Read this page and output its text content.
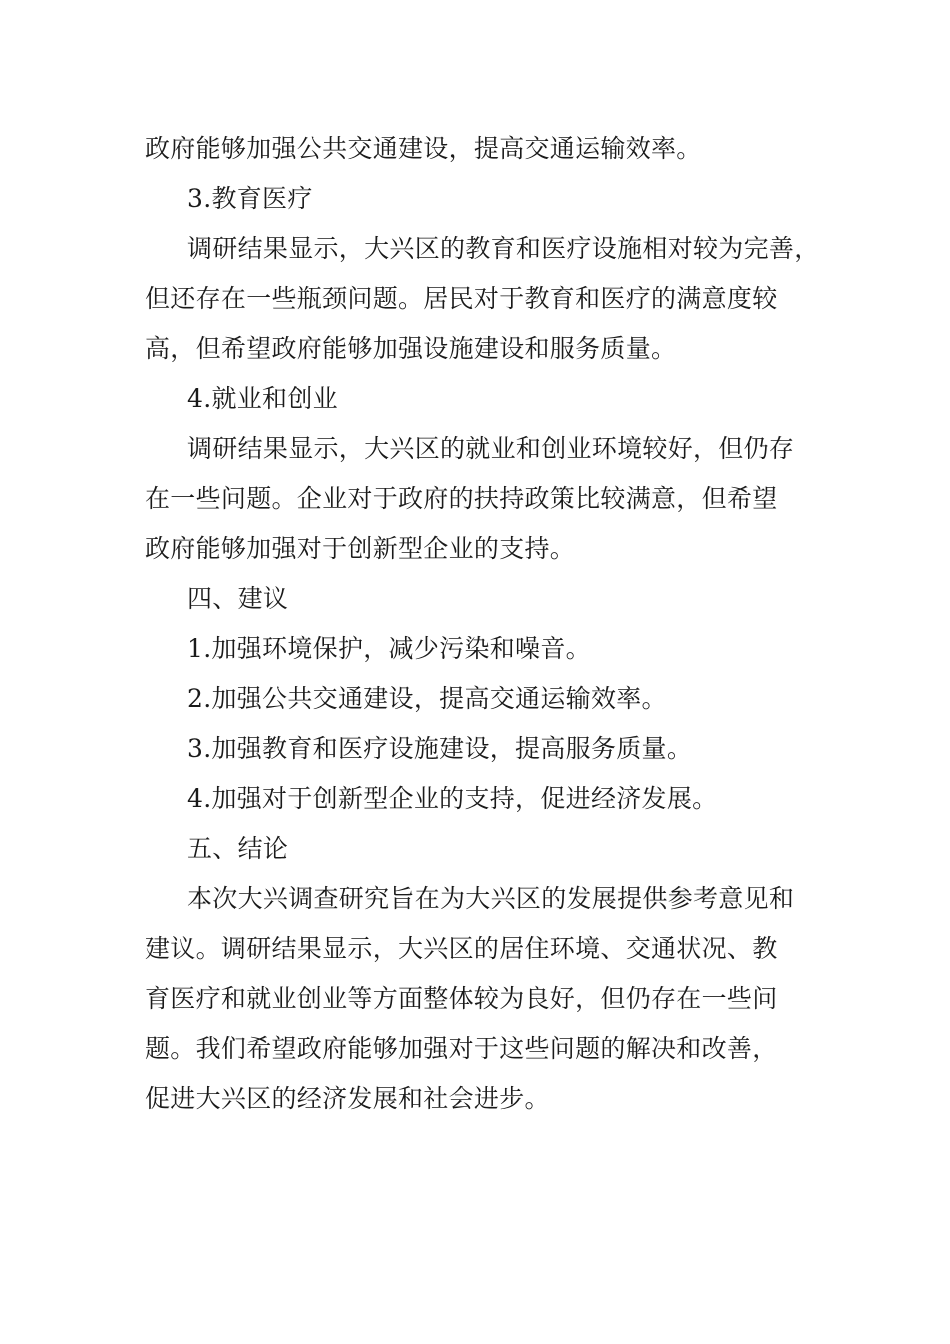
政府能够加强公共交通建设，提高交通运输效率。

3.教育医疗

调研结果显示，大兴区的教育和医疗设施相对较为完善，

但还存在一些瓶颈问题。居民对于教育和医疗的满意度较

高，但希望政府能够加强设施建设和服务质量。

4.就业和创业

调研结果显示，大兴区的就业和创业环境较好，但仍存

在一些问题。企业对于政府的扶持政策比较满意，但希望

政府能够加强对于创新型企业的支持。

四、建议

1.加强环境保护，减少污染和噪音。

2.加强公共交通建设，提高交通运输效率。

3.加强教育和医疗设施建设，提高服务质量。

4.加强对于创新型企业的支持，促进经济发展。

五、结论

本次大兴调查研究旨在为大兴区的发展提供参考意见和

建议。调研结果显示，大兴区的居住环境、交通状况、教

育医疗和就业创业等方面整体较为良好，但仍存在一些问

题。我们希望政府能够加强对于这些问题的解决和改善，

促进大兴区的经济发展和社会进步。
